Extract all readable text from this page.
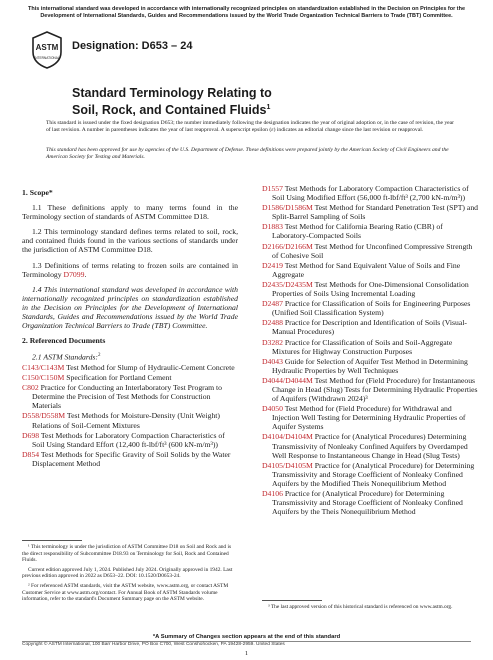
This international standard was developed in accordance with internationally recognized principles on standardization established in the Decision on Principles for the Development of International Standards, Guides and Recommendations issued by the World Trade Organization Technical Barriers to Trade (TBT) Committee.
ASTM
INTERNATIONAL
Designation: D653 – 24
Standard Terminology Relating to
Soil, Rock, and Contained Fluids$^1$
This standard is issued under the fixed designation D653; the number immediately following the designation indicates the year of original adoption or, in the case of revision, the year of last revision. A number in parentheses indicates the year of last reapproval. A superscript epsilon (ε) indicates an editorial change since the last revision or reapproval.
This standard has been approved for use by agencies of the U.S. Department of Defense. These definitions were prepared jointly by the American Society of Civil Engineers and the American Society for Testing and Materials.

1. Scope*

1.1 These definitions apply to many terms found in the Terminology section of standards of ASTM Committee D18.

1.2 This terminology standard defines terms related to soil, rock, and contained fluids found in the various sections of standards under the jurisdiction of ASTM Committee D18.

1.3 Definitions of terms relating to frozen soils are contained in Terminology D7099.

1.4 This international standard was developed in accordance with internationally recognized principles on standardization established in the Decision on Principles for the Development of International Standards, Guides and Recommendations issued by the World Trade Organization Technical Barriers to Trade (TBT) Committee.

2. Referenced Documents

2.1 ASTM Standards:$^2$

C143/C143M Test Method for Slump of Hydraulic-Cement Concrete

C150/C150M Specification for Portland Cement

C802 Practice for Conducting an Interlaboratory Test Program to Determine the Precision of Test Methods for Construction Materials

D558/D558M Test Methods for Moisture-Density (Unit Weight) Relations of Soil-Cement Mixtures

D698 Test Methods for Laboratory Compaction Characteristics of Soil Using Standard Effort (12,400 ft-lbf/ft³ (600 kN-m/m³))

D854 Test Methods for Specific Gravity of Soil Solids by the Water Displacement Method

D1557 Test Methods for Laboratory Compaction Characteristics of Soil Using Modified Effort (56,000 ft-lbf/ft³ (2,700 kN-m/m³))

D1586/D1586M Test Method for Standard Penetration Test (SPT) and Split-Barrel Sampling of Soils

D1883 Test Method for California Bearing Ratio (CBR) of Laboratory-Compacted Soils

D2166/D2166M Test Method for Unconfined Compressive Strength of Cohesive Soil

D2419 Test Method for Sand Equivalent Value of Soils and Fine Aggregate

D2435/D2435M Test Methods for One-Dimensional Consolidation Properties of Soils Using Incremental Loading

D2487 Practice for Classification of Soils for Engineering Purposes (Unified Soil Classification System)

D2488 Practice for Description and Identification of Soils (Visual-Manual Procedures)

D3282 Practice for Classification of Soils and Soil-Aggregate Mixtures for Highway Construction Purposes

D4043 Guide for Selection of Aquifer Test Method in Determining Hydraulic Properties by Well Techniques

D4044/D4044M Test Method for (Field Procedure) for Instantaneous Change in Head (Slug) Tests for Determining Hydraulic Properties of Aquifers (Withdrawn 2024)³

D4050 Test Method for (Field Procedure) for Withdrawal and Injection Well Testing for Determining Hydraulic Properties of Aquifer Systems

D4104/D4104M Practice for (Analytical Procedures) Determining Transmissivity of Nonleaky Confined Aquifers by Overdamped Well Response to Instantaneous Change in Head (Slug Tests)

D4105/D4105M Practice for (Analytical Procedure) for Determining Transmissivity and Storage Coefficient of Nonleaky Confined Aquifers by the Modified Theis Nonequilibrium Method

D4106 Practice for (Analytical Procedure) for Determining Transmissivity and Storage Coefficient of Nonleaky Confined Aquifers by the Theis Nonequilibrium Method

¹ This terminology is under the jurisdiction of ASTM Committee D18 on Soil and Rock and is the direct responsibility of Subcommittee D18.93 on Terminology for Soil, Rock and Contained Fluids.

Current edition approved July 1, 2024. Published July 2024. Originally approved in 1942. Last previous edition approved in 2022 as D653–22. DOI: 10.1520/D0653-24.

² For referenced ASTM standards, visit the ASTM website, www.astm.org, or contact ASTM Customer Service at www.astm.org/contact. For Annual Book of ASTM Standards volume information, refer to the standard's Document Summary page on the ASTM website.

³ The last approved version of this historical standard is referenced on www.astm.org.

*A Summary of Changes section appears at the end of this standard
Copyright © ASTM International, 100 Barr Harbor Drive, PO Box C700, West Conshohocken, PA 19428-2959. United States
1
